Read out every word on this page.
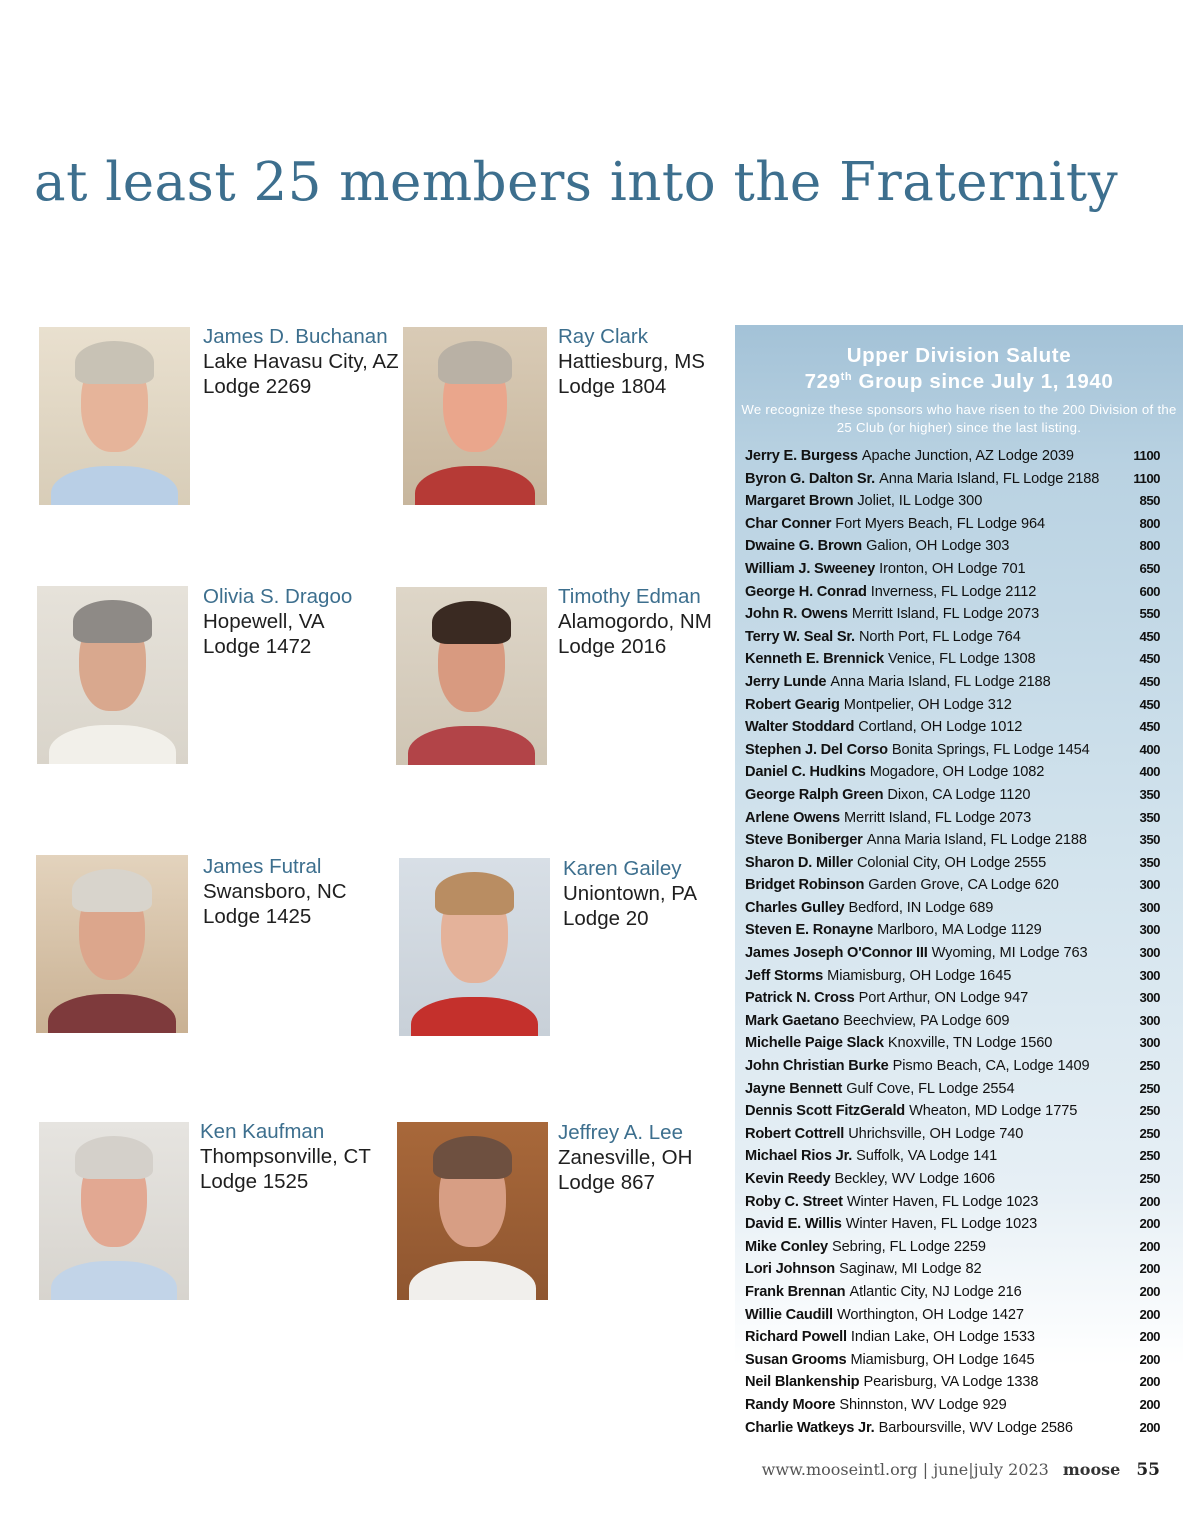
at least 25 members into the Fraternity
James D. Buchanan
Lake Havasu City, AZ
Lodge 2269
Ray Clark
Hattiesburg, MS
Lodge 1804
Olivia S. Dragoo
Hopewell, VA
Lodge 1472
Timothy Edman
Alamogordo, NM
Lodge 2016
James Futral
Swansboro, NC
Lodge 1425
Karen Gailey
Uniontown, PA
Lodge 20
Ken Kaufman
Thompsonville, CT
Lodge 1525
Jeffrey A. Lee
Zanesville, OH
Lodge 867
Upper Division Salute
729th Group since July 1, 1940
We recognize these sponsors who have risen to the 200 Division of the 25 Club (or higher) since the last listing.
Jerry E. Burgess Apache Junction, AZ Lodge 2039	1100
Byron G. Dalton Sr. Anna Maria Island, FL Lodge 2188	1100
Margaret Brown Joliet, IL Lodge 300	850
Char Conner Fort Myers Beach, FL Lodge 964	800
Dwaine G. Brown Galion, OH Lodge 303	800
William J. Sweeney Ironton, OH Lodge 701	650
George H. Conrad Inverness, FL Lodge 2112	600
John R. Owens Merritt Island, FL Lodge 2073	550
Terry W. Seal Sr. North Port, FL Lodge 764	450
Kenneth E. Brennick Venice, FL Lodge 1308	450
Jerry Lunde Anna Maria Island, FL Lodge 2188	450
Robert Gearig Montpelier, OH Lodge 312	450
Walter Stoddard Cortland, OH Lodge 1012	450
Stephen J. Del Corso Bonita Springs, FL Lodge 1454	400
Daniel C. Hudkins Mogadore, OH Lodge 1082	400
George Ralph Green Dixon, CA Lodge 1120	350
Arlene Owens Merritt Island, FL Lodge 2073	350
Steve Boniberger Anna Maria Island, FL Lodge 2188	350
Sharon D. Miller Colonial City, OH Lodge 2555	350
Bridget Robinson Garden Grove, CA Lodge 620	300
Charles Gulley Bedford, IN Lodge 689	300
Steven E. Ronayne Marlboro, MA Lodge 1129	300
James Joseph O'Connor III Wyoming, MI Lodge 763	300
Jeff Storms Miamisburg, OH Lodge 1645	300
Patrick N. Cross Port Arthur, ON Lodge 947	300
Mark Gaetano Beechview, PA Lodge 609	300
Michelle Paige Slack Knoxville, TN Lodge 1560	300
John Christian Burke Pismo Beach, CA, Lodge 1409	250
Jayne Bennett Gulf Cove, FL Lodge 2554	250
Dennis Scott FitzGerald Wheaton, MD Lodge 1775	250
Robert Cottrell Uhrichsville, OH Lodge 740	250
Michael Rios Jr. Suffolk, VA Lodge 141	250
Kevin Reedy Beckley, WV Lodge 1606	250
Roby C. Street Winter Haven, FL Lodge 1023	200
David E. Willis Winter Haven, FL Lodge 1023	200
Mike Conley Sebring, FL Lodge 2259	200
Lori Johnson Saginaw, MI Lodge 82	200
Frank Brennan Atlantic City, NJ Lodge 216	200
Willie Caudill Worthington, OH Lodge 1427	200
Richard Powell Indian Lake, OH Lodge 1533	200
Susan Grooms Miamisburg, OH Lodge 1645	200
Neil Blankenship Pearisburg, VA Lodge 1338	200
Randy Moore Shinnston, WV Lodge 929	200
Charlie Watkeys Jr. Barboursville, WV Lodge 2586	200
www.mooseintl.org | june|july 2023 moose 55
